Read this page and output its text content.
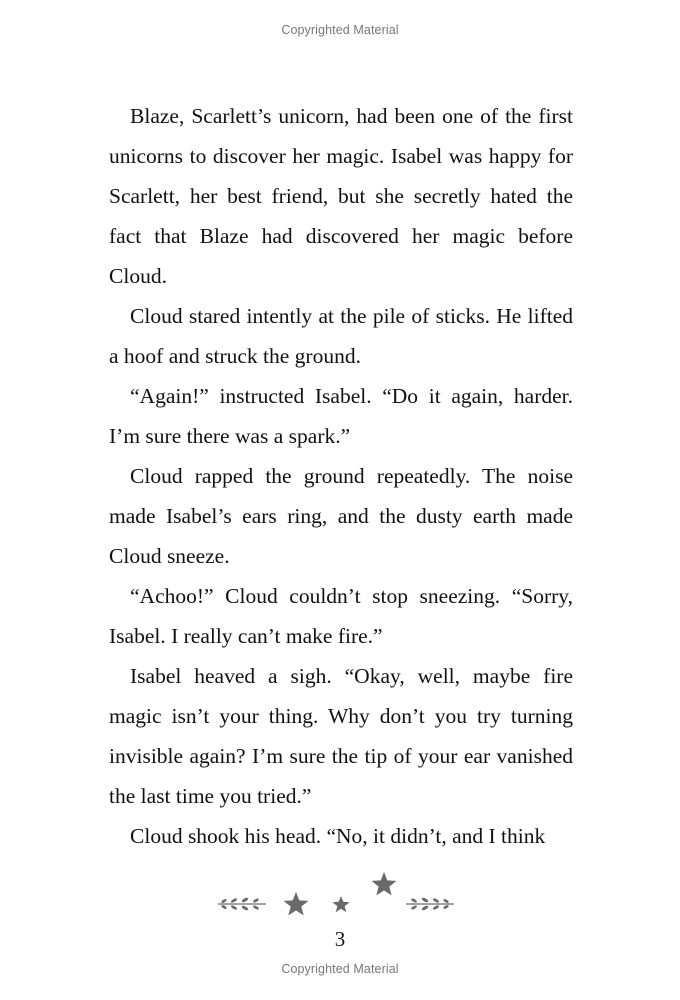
Copyrighted Material

Blaze, Scarlett’s unicorn, had been one of the first unicorns to discover her magic. Isabel was happy for Scarlett, her best friend, but she secretly hated the fact that Blaze had discovered her magic before Cloud.

Cloud stared intently at the pile of sticks. He lifted a hoof and struck the ground.

“Again!” instructed Isabel. “Do it again, harder. I’m sure there was a spark.”

Cloud rapped the ground repeatedly. The noise made Isabel’s ears ring, and the dusty earth made Cloud sneeze.

“Achoo!” Cloud couldn’t stop sneezing. “Sorry, Isabel. I really can’t make fire.”

Isabel heaved a sigh. “Okay, well, maybe fire magic isn’t your thing. Why don’t you try turning invisible again? I’m sure the tip of your ear vanished the last time you tried.”

Cloud shook his head. “No, it didn’t, and I think

3
Copyrighted Material
